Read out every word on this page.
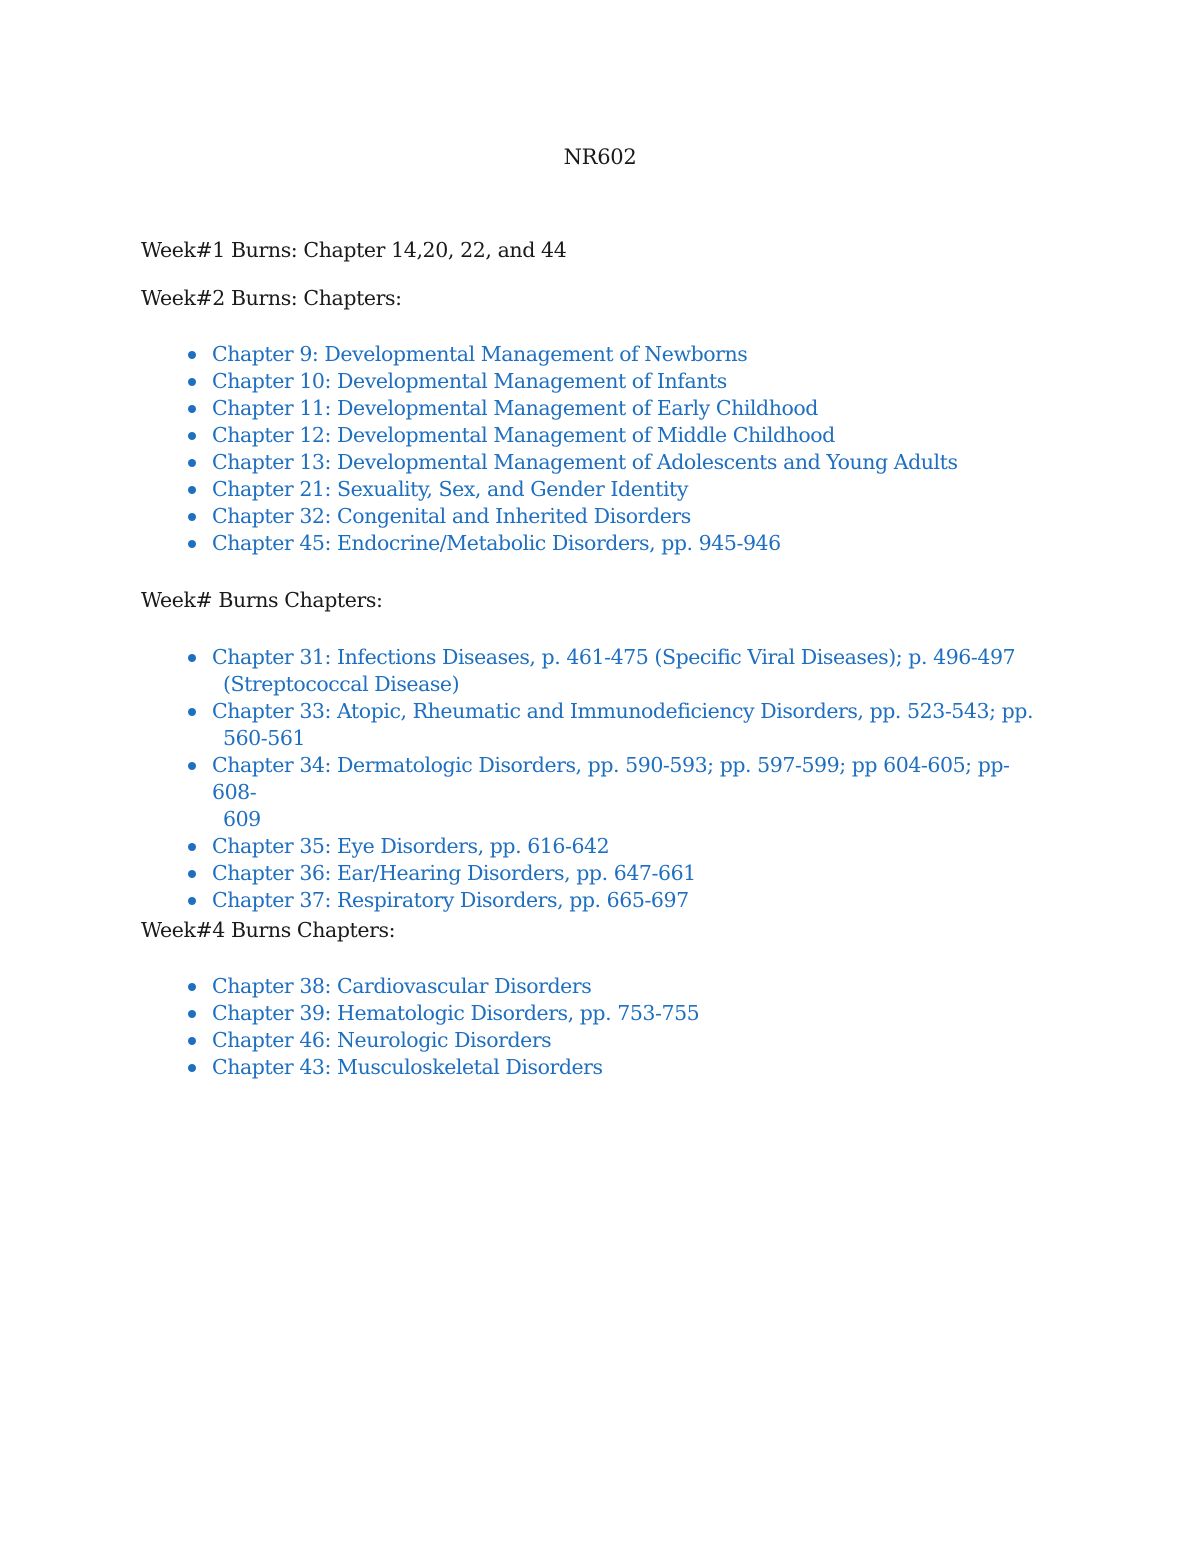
NR602
Week#1 Burns: Chapter 14,20, 22, and 44
Week#2 Burns: Chapters:
Chapter 9: Developmental Management of Newborns
Chapter 10: Developmental Management of Infants
Chapter 11: Developmental Management of Early Childhood
Chapter 12: Developmental Management of Middle Childhood
Chapter 13: Developmental Management of Adolescents and Young Adults
Chapter 21: Sexuality, Sex, and Gender Identity
Chapter 32: Congenital and Inherited Disorders
Chapter 45: Endocrine/Metabolic Disorders, pp. 945-946
Week# Burns Chapters:
Chapter 31: Infections Diseases, p. 461-475 (Specific Viral Diseases); p. 496-497
(Streptococcal Disease)
Chapter 33: Atopic, Rheumatic and Immunodeficiency Disorders, pp. 523-543; pp.
560-561
Chapter 34: Dermatologic Disorders, pp. 590-593; pp. 597-599; pp 604-605; pp-608-
609
Chapter 35: Eye Disorders, pp. 616-642
Chapter 36: Ear/Hearing Disorders, pp. 647-661
Chapter 37: Respiratory Disorders, pp. 665-697
Week#4 Burns Chapters:
Chapter 38: Cardiovascular Disorders
Chapter 39: Hematologic Disorders, pp. 753-755
Chapter 46: Neurologic Disorders
Chapter 43: Musculoskeletal Disorders
